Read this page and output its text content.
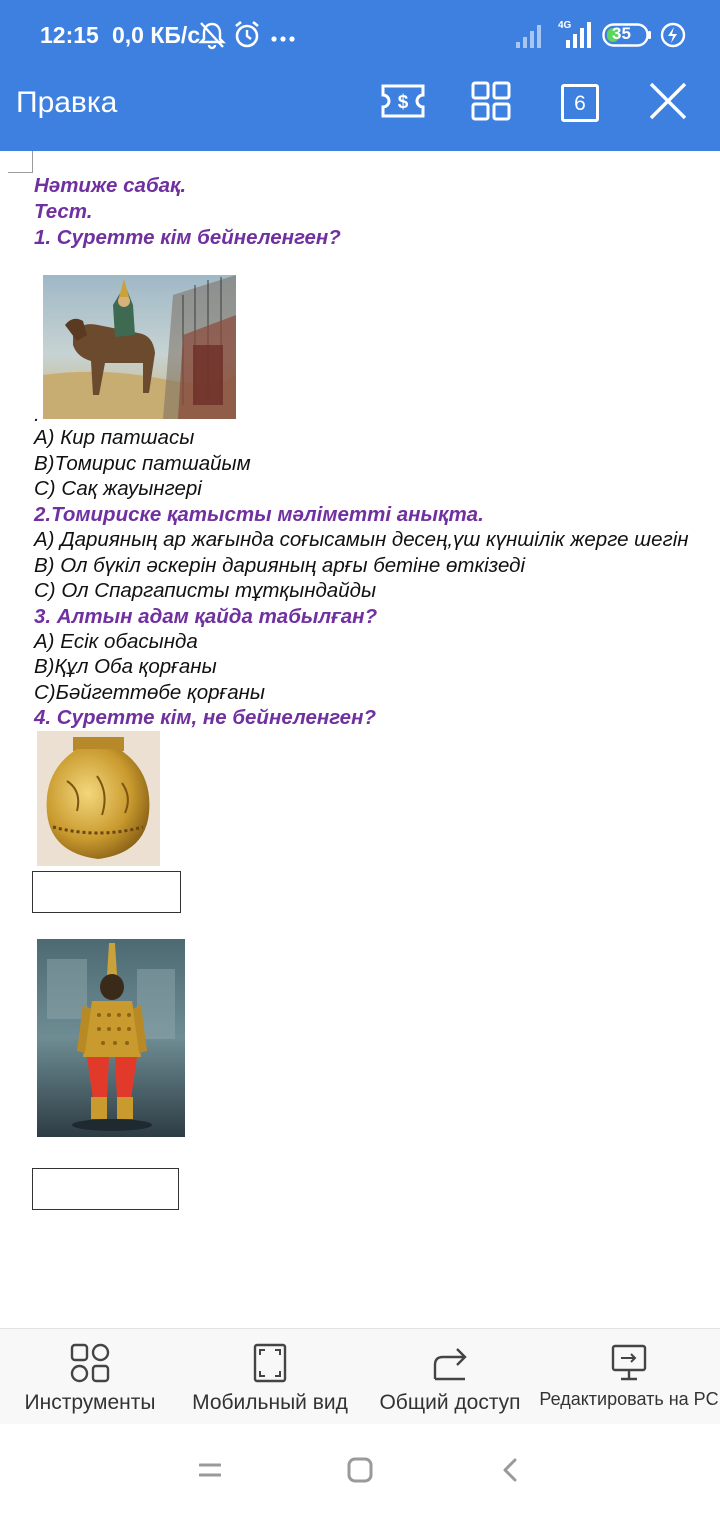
12:15 0,0 КБ/с	4G 35
Правка	$	6
Нәтиже сабақ.
Тест.
1. Суретте кім бейнеленген?
.
А) Кир патшасы
В)Томирис патшайым
С) Сақ жауынгері
2.Томириске қатысты мәліметті анықта.
А) Дарияның ар жағында соғысамын десең,үш күншілік жерге шегін
В) Ол бүкіл әскерін дарияның арғы бетіне өткізеді
С) Ол Спаргаписты тұтқындайды
3. Алтын адам қайда табылған?
А) Есік обасында
В)Құл Оба қорғаны
С)Бәйгеттөбе қорғаны
4. Суретте кім, не бейнеленген?
Инструменты Мобильный вид Общий доступ Редактировать на PC
